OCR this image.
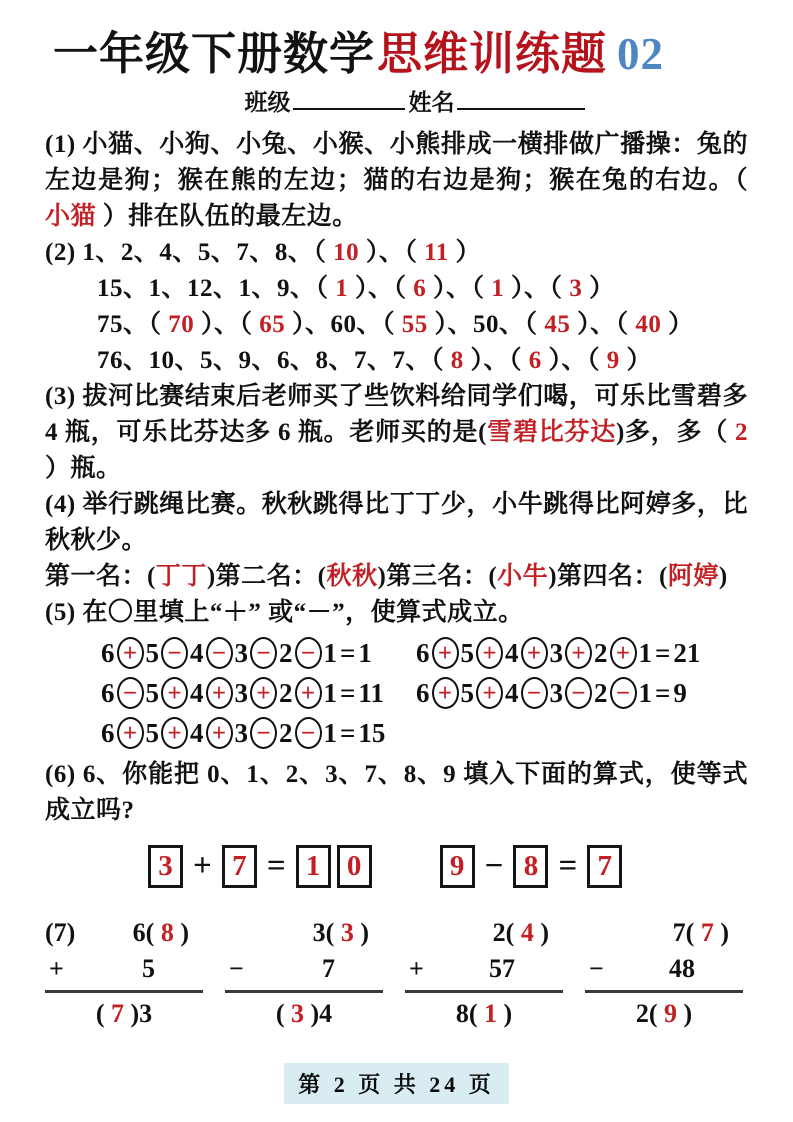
一年级下册数学思维训练题 02
班级	姓名

(1) 小猫、小狗、小兔、小猴、小熊排成一横排做广播操：兔的左边是狗；猴在熊的左边；猫的右边是狗；猴在兔的右边。（ 小猫 ）排在队伍的最左边。

(2) 1、2、4、5、7、8、（ 10 ）、（ 11 ）

15、1、12、1、9、（ 1 ）、（ 6 ）、（ 1 ）、（ 3 ）

75、（ 70 ）、（ 65 ）、60、（ 55 ）、50、（ 45 ）、（ 40 ）

76、10、5、9、6、8、7、7、（ 8 ）、（ 6 ）、（ 9 ）

(3) 拔河比赛结束后老师买了些饮料给同学们喝，可乐比雪碧多 4 瓶，可乐比芬达多 6 瓶。老师买的是(雪碧比芬达)多，多（ 2 ）瓶。

(4) 举行跳绳比赛。秋秋跳得比丁丁少，小牛跳得比阿婷多，比秋秋少。

第一名：(丁丁)第二名：(秋秋)第三名：(小牛)第四名：(阿婷)

(5) 在〇里填上“＋” 或“－”，使算式成立。

6 + 5 − 4 − 3 − 2 − 1 = 1 6 + 5 + 4 + 3 + 2 + 1 = 21
6 − 5 + 4 + 3 + 2 + 1 = 11 6 + 5 + 4 − 3 − 2 − 1 = 9
6 + 5 + 4 + 3 − 2 − 1 = 15

(6) 6、你能把 0、1、2、3、7、8、9 填入下面的算式，使等式成立吗?

3 + 7 = 1 0	9 − 8 = 7
(7) 6( 8 )
+	5
( 7 )3
3( 3 )
−	7
( 3 )4
2( 4 )
+	57
8( 1 )
7( 7 )
−	48
2( 9 )
第 2 页 共 24 页
